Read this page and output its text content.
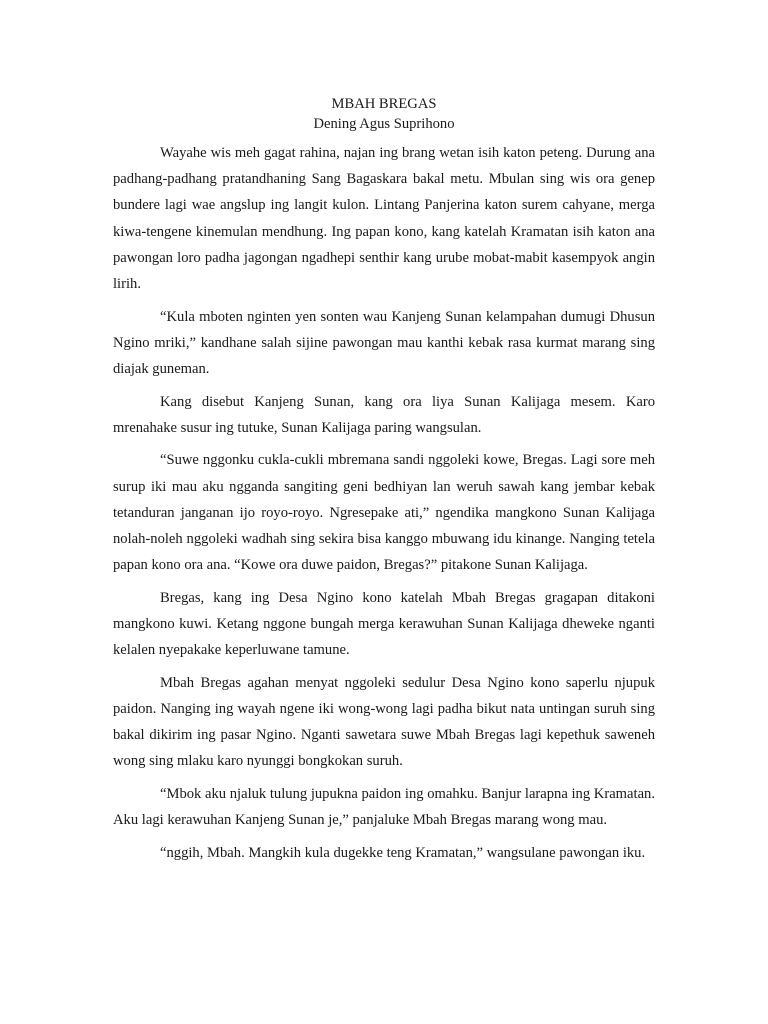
MBAH BREGAS
Dening Agus Suprihono

Wayahe wis meh gagat rahina, najan ing brang wetan isih katon peteng. Durung ana padhang-padhang pratandhaning Sang Bagaskara bakal metu. Mbulan sing wis ora genep bundere lagi wae angslup ing langit kulon. Lintang Panjerina katon surem cahyane, merga kiwa-tengene kinemulan mendhung. Ing papan kono, kang katelah Kramatan isih katon ana pawongan loro padha jagongan ngadhepi senthir kang urube mobat-mabit kasempyok angin lirih.

“Kula mboten nginten yen sonten wau Kanjeng Sunan kelampahan dumugi Dhusun Ngino mriki,” kandhane salah sijine pawongan mau kanthi kebak rasa kurmat marang sing diajak guneman.

Kang disebut Kanjeng Sunan, kang ora liya Sunan Kalijaga mesem. Karo mrenahake susur ing tutuke, Sunan Kalijaga paring wangsulan.

“Suwe nggonku cukla-cukli mbremana sandi nggoleki kowe, Bregas. Lagi sore meh surup iki mau aku ngganda sangiting geni bedhiyan lan weruh sawah kang jembar kebak tetanduran janganan ijo royo-royo. Ngresepake ati,” ngendika mangkono Sunan Kalijaga nolah-noleh nggoleki wadhah sing sekira bisa kanggo mbuwang idu kinange. Nanging tetela papan kono ora ana. “Kowe ora duwe paidon, Bregas?” pitakone Sunan Kalijaga.

Bregas, kang ing Desa Ngino kono katelah Mbah Bregas gragapan ditakoni mangkono kuwi. Ketang nggone bungah merga kerawuhan Sunan Kalijaga dheweke nganti kelalen nyepakake keperluwane tamune.

Mbah Bregas agahan menyat nggoleki sedulur Desa Ngino kono saperlu njupuk paidon. Nanging ing wayah ngene iki wong-wong lagi padha bikut nata untingan suruh sing bakal dikirim ing pasar Ngino. Nganti sawetara suwe Mbah Bregas lagi kepethuk saweneh wong sing mlaku karo nyunggi bongkokan suruh.

“Mbok aku njaluk tulung jupukna paidon ing omahku. Banjur larapna ing Kramatan. Aku lagi kerawuhan Kanjeng Sunan je,” panjaluke Mbah Bregas marang wong mau.

“nggih, Mbah. Mangkih kula dugekke teng Kramatan,” wangsulane pawongan iku.
